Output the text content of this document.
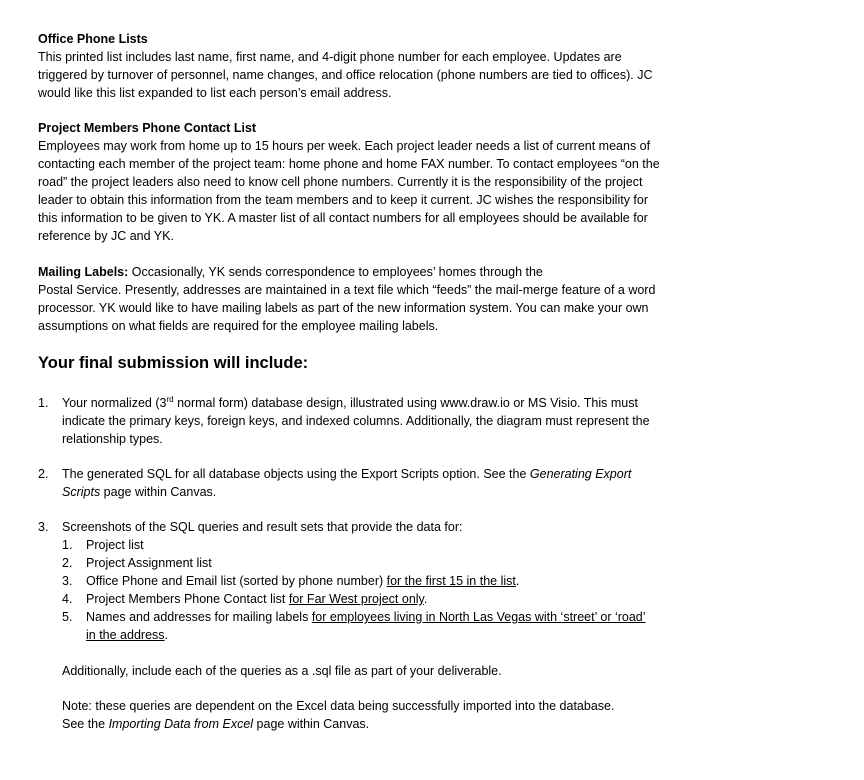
Office Phone Lists
This printed list includes last name, first name, and 4-digit phone number for each employee. Updates are triggered by turnover of personnel, name changes, and office relocation (phone numbers are tied to offices). JC would like this list expanded to list each person’s email address.
Project Members Phone Contact List
Employees may work from home up to 15 hours per week. Each project leader needs a list of current means of contacting each member of the project team: home phone and home FAX number. To contact employees “on the road” the project leaders also need to know cell phone numbers. Currently it is the responsibility of the project leader to obtain this information from the team members and to keep it current. JC wishes the responsibility for this information to be given to YK. A master list of all contact numbers for all employees should be available for reference by JC and YK.
Mailing Labels: Occasionally, YK sends correspondence to employees’ homes through the
Postal Service. Presently, addresses are maintained in a text file which “feeds” the mail-merge feature of a word processor. YK would like to have mailing labels as part of the new information system. You can make your own assumptions on what fields are required for the employee mailing labels.
Your final submission will include:
1. Your normalized (3rd normal form) database design, illustrated using www.draw.io or MS Visio. This must indicate the primary keys, foreign keys, and indexed columns. Additionally, the diagram must represent the relationship types.
2. The generated SQL for all database objects using the Export Scripts option. See the Generating Export Scripts page within Canvas.
3. Screenshots of the SQL queries and result sets that provide the data for:
1. Project list
2. Project Assignment list
3. Office Phone and Email list (sorted by phone number) for the first 15 in the list.
4. Project Members Phone Contact list for Far West project only.
5. Names and addresses for mailing labels for employees living in North Las Vegas with ‘street’ or ‘road’ in the address.
Additionally, include each of the queries as a .sql file as part of your deliverable.
Note: these queries are dependent on the Excel data being successfully imported into the database. See the Importing Data from Excel page within Canvas.
